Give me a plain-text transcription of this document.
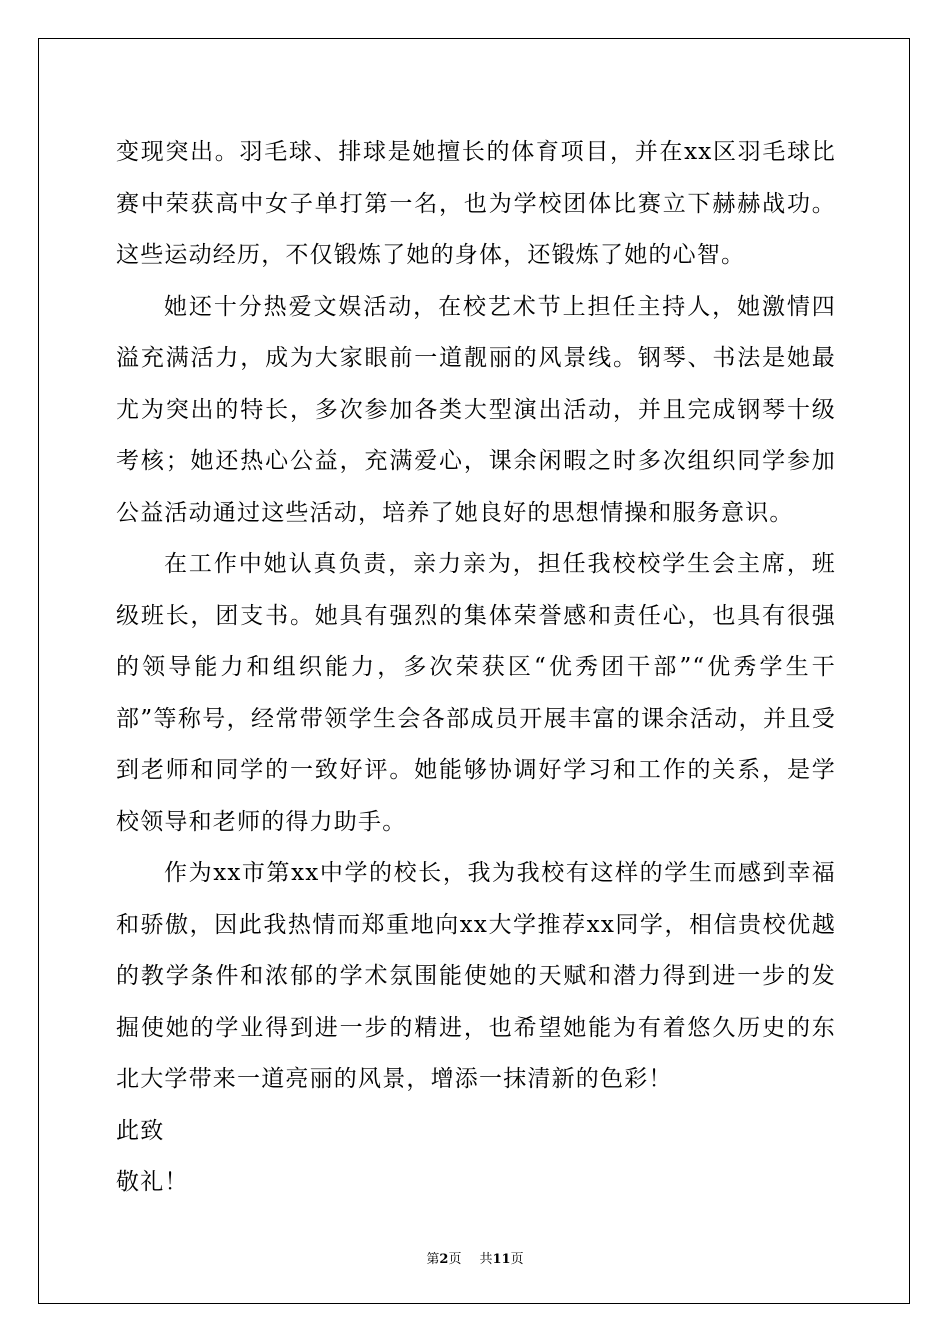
变现突出。羽毛球、排球是她擅长的体育项目，并在xx区羽毛球比赛中荣获高中女子单打第一名，也为学校团体比赛立下赫赫战功。这些运动经历，不仅锻炼了她的身体，还锻炼了她的心智。

她还十分热爱文娱活动，在校艺术节上担任主持人，她激情四溢充满活力，成为大家眼前一道靓丽的风景线。钢琴、书法是她最尤为突出的特长，多次参加各类大型演出活动，并且完成钢琴十级考核；她还热心公益，充满爱心，课余闲暇之时多次组织同学参加公益活动通过这些活动，培养了她良好的思想情操和服务意识。

在工作中她认真负责，亲力亲为，担任我校校学生会主席，班级班长，团支书。她具有强烈的集体荣誉感和责任心，也具有很强的领导能力和组织能力，多次荣获区“优秀团干部”“优秀学生干部”等称号，经常带领学生会各部成员开展丰富的课余活动，并且受到老师和同学的一致好评。她能够协调好学习和工作的关系，是学校领导和老师的得力助手。

作为xx市第xx中学的校长，我为我校有这样的学生而感到幸福和骄傲，因此我热情而郑重地向xx大学推荐xx同学，相信贵校优越的教学条件和浓郁的学术氛围能使她的天赋和潜力得到进一步的发掘使她的学业得到进一步的精进，也希望她能为有着悠久历史的东北大学带来一道亮丽的风景，增添一抹清新的色彩！

此致

敬礼！

第2页 共11页
